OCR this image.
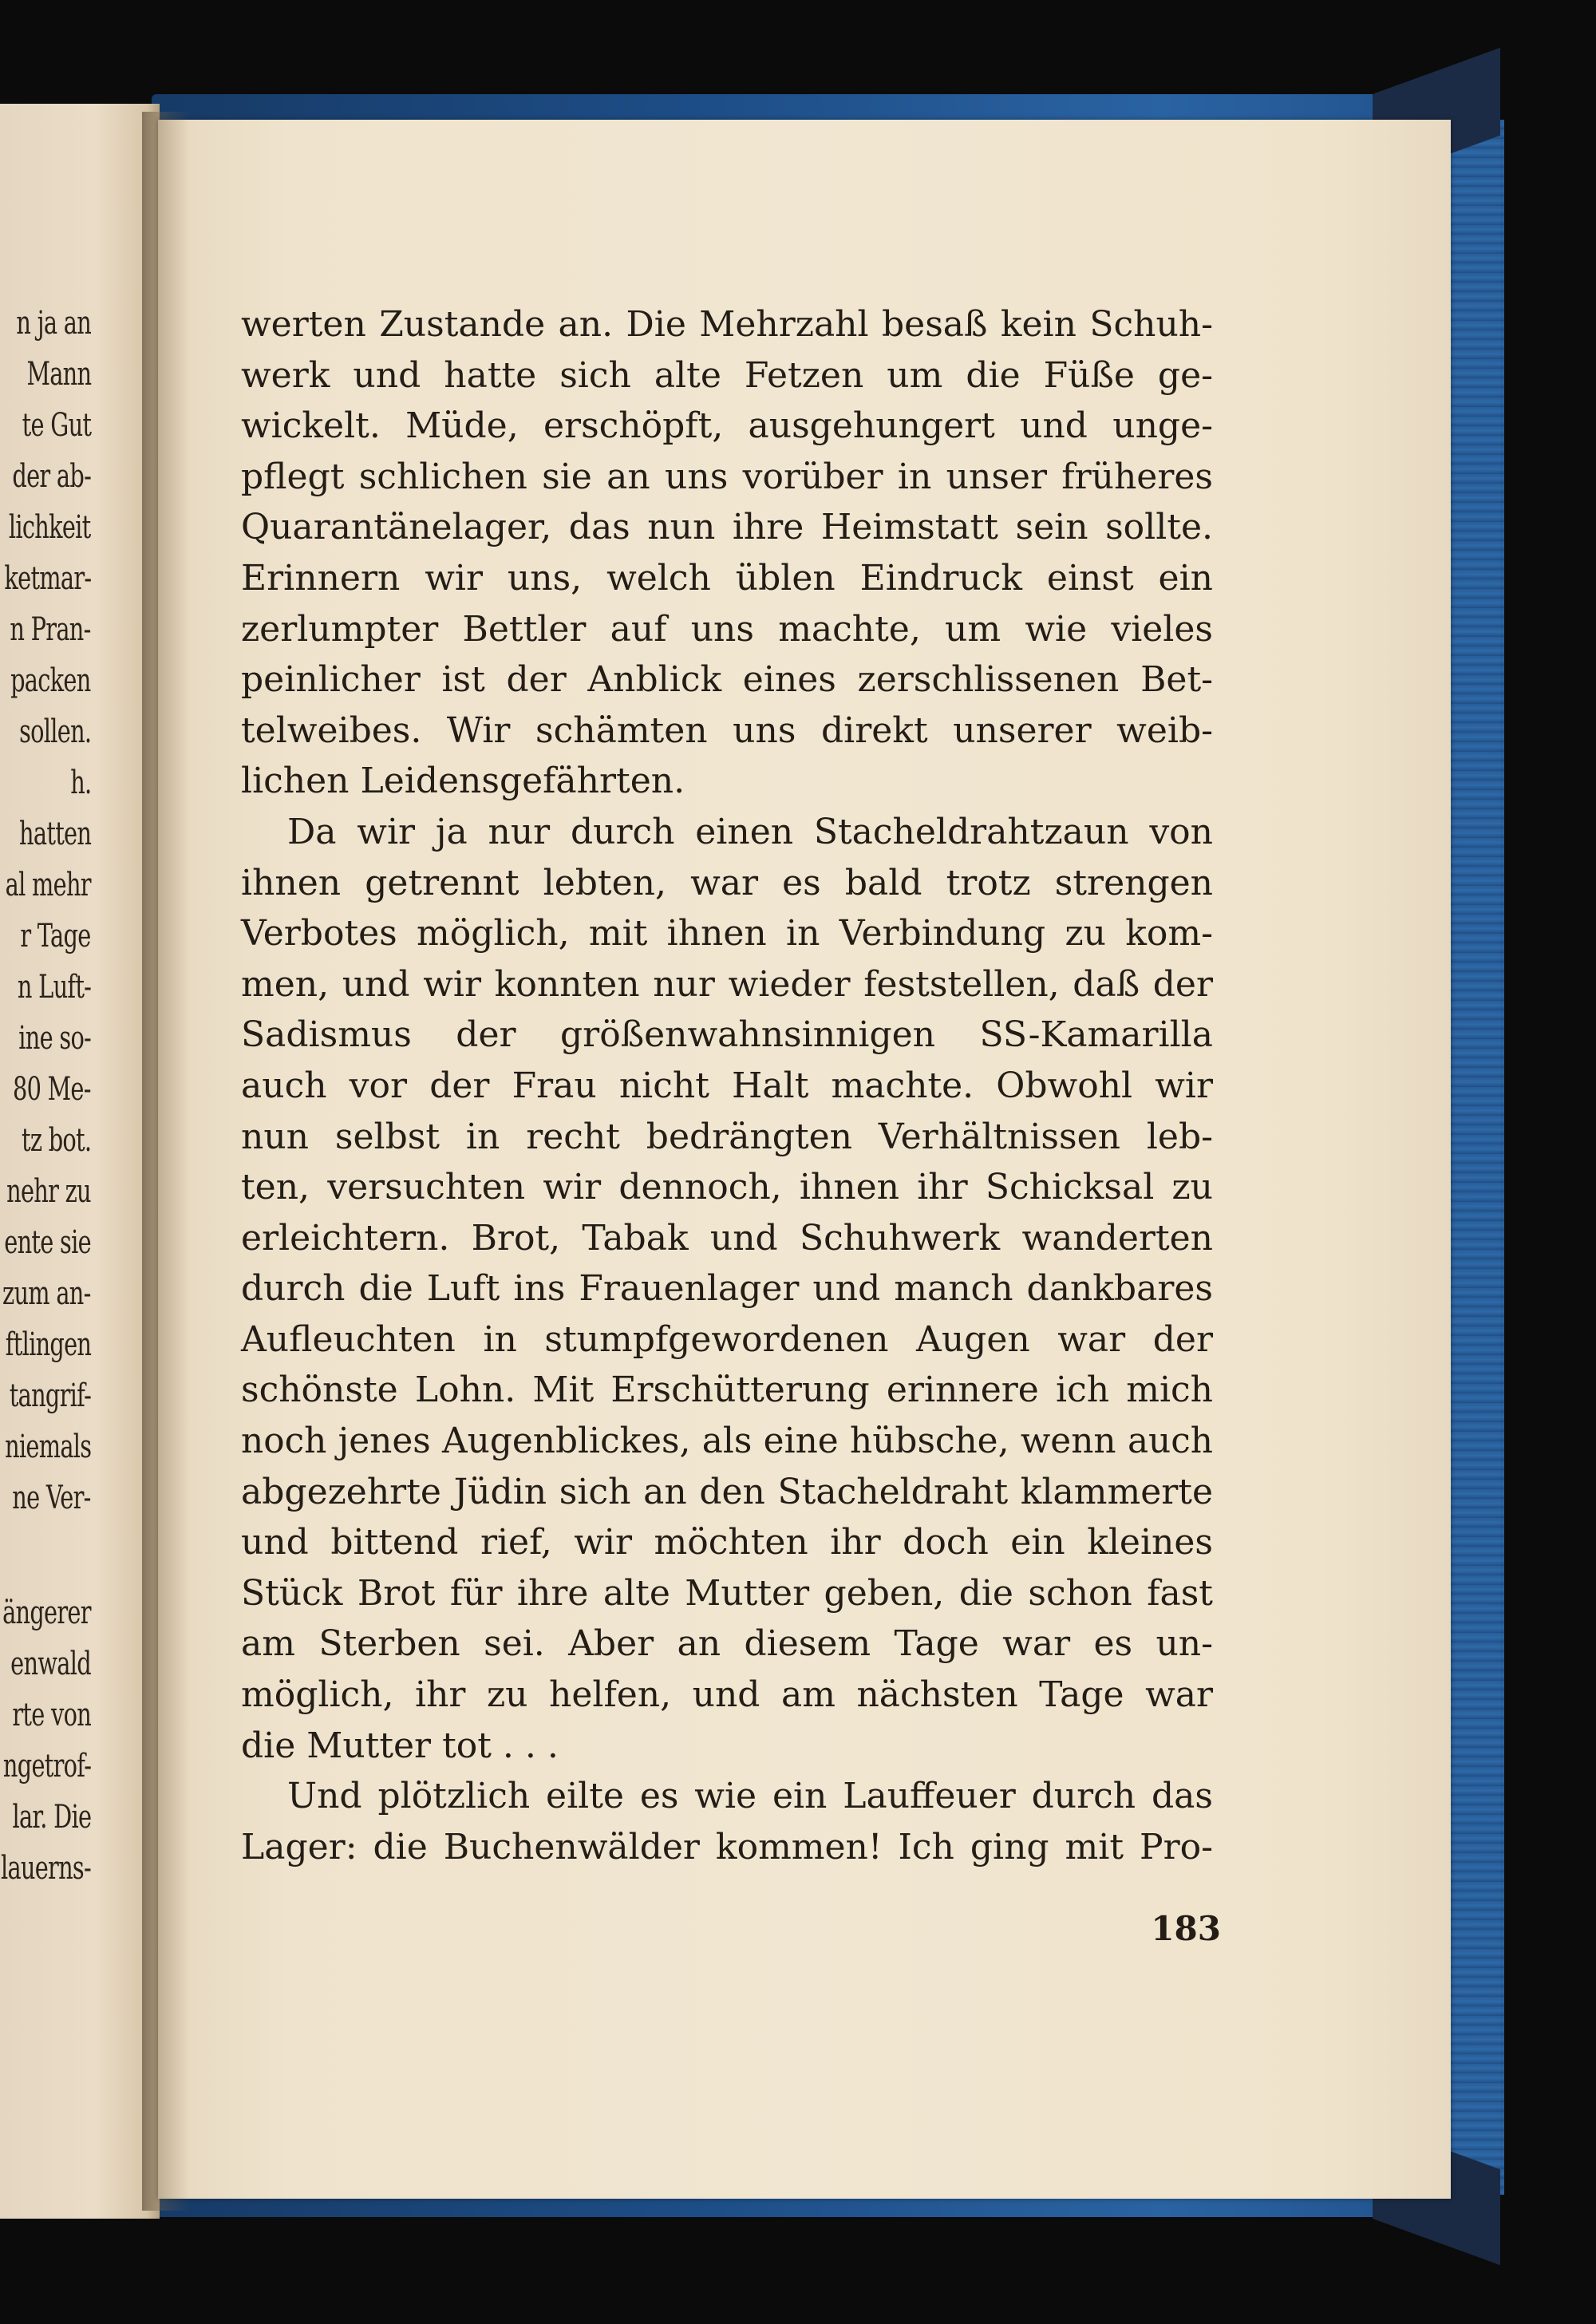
n ja an
Mann
te Gut
der ab-
lichkeit
ketmar-
n Pran-
packen
sollen.
h.
hatten
al mehr
r Tage
n Luft-
ine so-
80 Me-
tz bot.
nehr zu
ente sie
zum an-
ftlingen
tangrif-
niemals
ne Ver-
ängerer
enwald
rte von
ngetrof-
lar. Die
lauerns-
werten Zustande an. Die Mehrzahl besaß kein Schuh-
werk und hatte sich alte Fetzen um die Füße ge-
wickelt. Müde, erschöpft, ausgehungert und unge-
pflegt schlichen sie an uns vorüber in unser früheres
Quarantänelager, das nun ihre Heimstatt sein sollte.
Erinnern wir uns, welch üblen Eindruck einst ein
zerlumpter Bettler auf uns machte, um wie vieles
peinlicher ist der Anblick eines zerschlissenen Bet-
telweibes. Wir schämten uns direkt unserer weib-
lichen Leidensgefährten.
Da wir ja nur durch einen Stacheldrahtzaun von
ihnen getrennt lebten, war es bald trotz strengen
Verbotes möglich, mit ihnen in Verbindung zu kom-
men, und wir konnten nur wieder feststellen, daß der
Sadismus der größenwahnsinnigen SS-Kamarilla
auch vor der Frau nicht Halt machte. Obwohl wir
nun selbst in recht bedrängten Verhältnissen leb-
ten, versuchten wir dennoch, ihnen ihr Schicksal zu
erleichtern. Brot, Tabak und Schuhwerk wanderten
durch die Luft ins Frauenlager und manch dankbares
Aufleuchten in stumpfgewordenen Augen war der
schönste Lohn. Mit Erschütterung erinnere ich mich
noch jenes Augenblickes, als eine hübsche, wenn auch
abgezehrte Jüdin sich an den Stacheldraht klammerte
und bittend rief, wir möchten ihr doch ein kleines
Stück Brot für ihre alte Mutter geben, die schon fast
am Sterben sei. Aber an diesem Tage war es un-
möglich, ihr zu helfen, und am nächsten Tage war
die Mutter tot . . .
Und plötzlich eilte es wie ein Lauffeuer durch das
Lager: die Buchenwälder kommen! Ich ging mit Pro-
183
